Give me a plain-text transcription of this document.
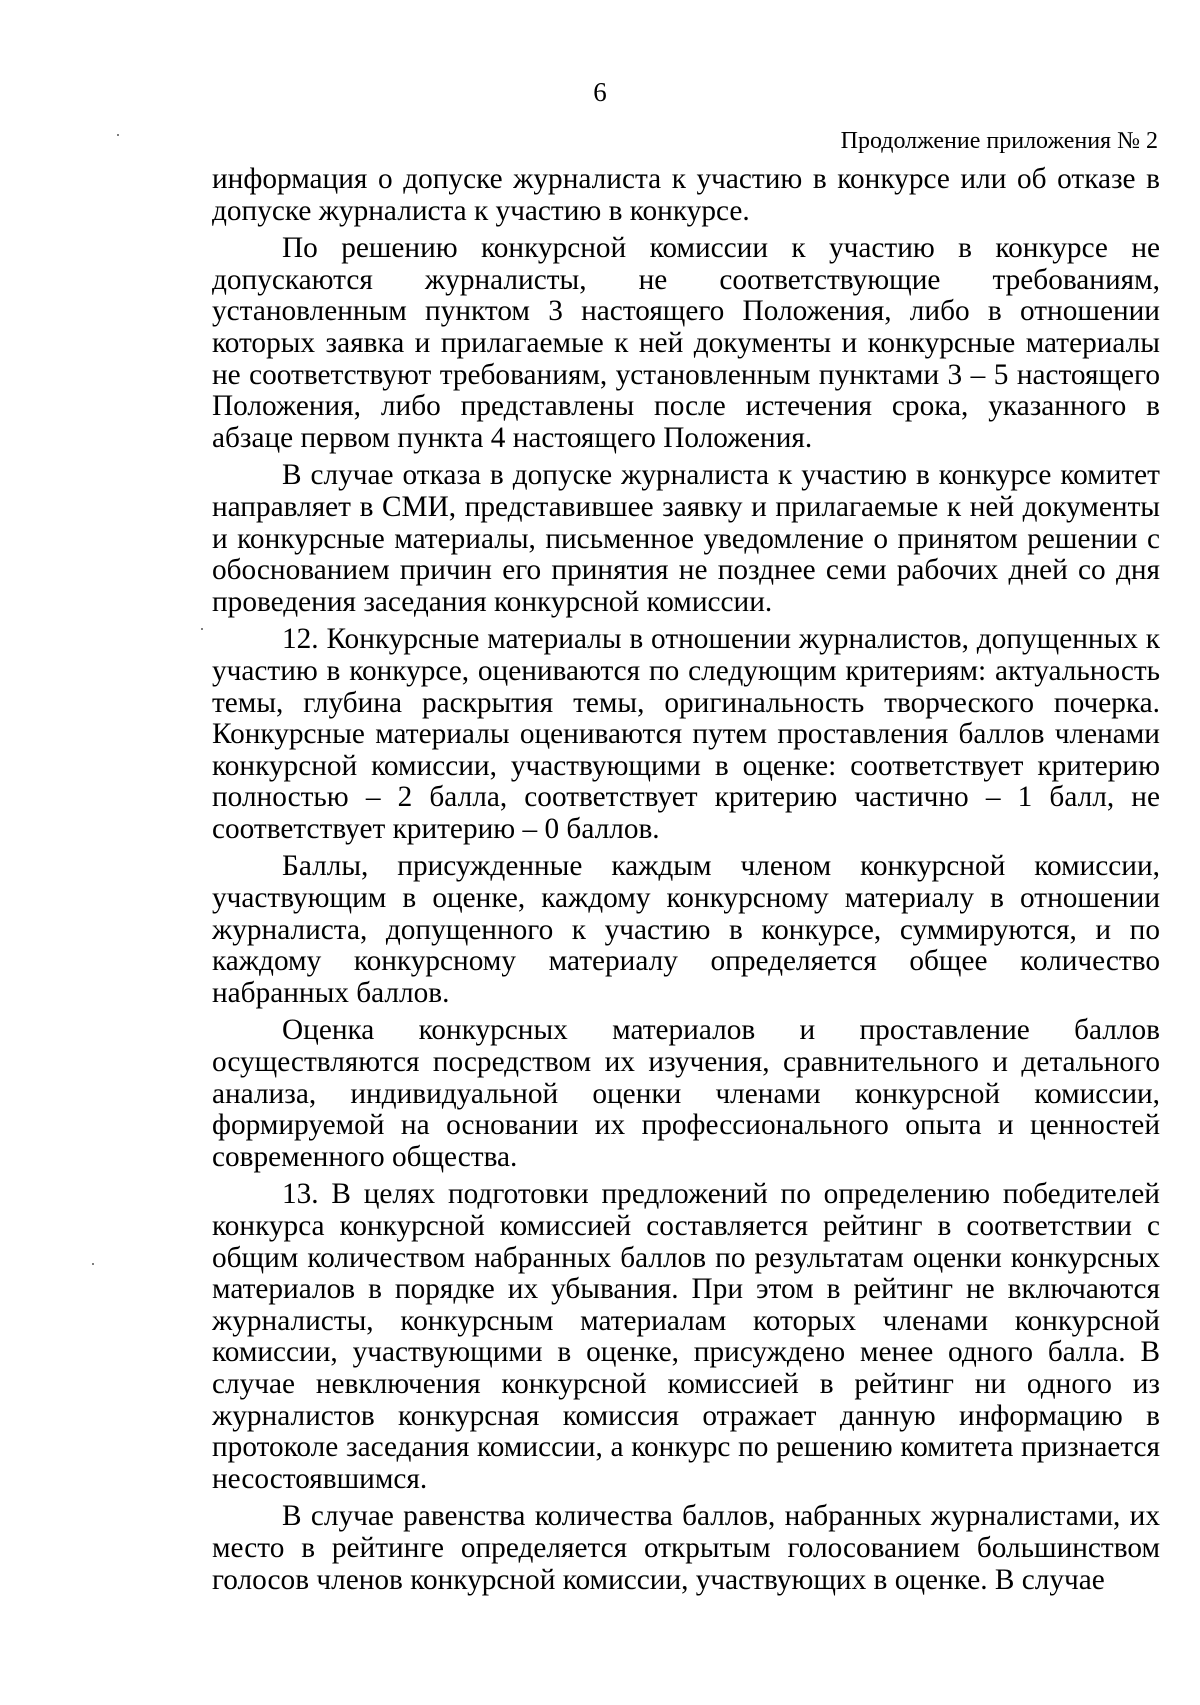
6
Продолжение приложения № 2

информация о допуске журналиста к участию в конкурсе или об отказе в допуске журналиста к участию в конкурсе.

По решению конкурсной комиссии к участию в конкурсе не допускаются журналисты, не соответствующие требованиям, установленным пунктом 3 настоящего Положения, либо в отношении которых заявка и прилагаемые к ней документы и конкурсные материалы не соответствуют требованиям, установленным пунктами 3 – 5 настоящего Положения, либо представлены после истечения срока, указанного в абзаце первом пункта 4 настоящего Положения.

В случае отказа в допуске журналиста к участию в конкурсе комитет направляет в СМИ, представившее заявку и прилагаемые к ней документы и конкурсные материалы, письменное уведомление о принятом решении с обоснованием причин его принятия не позднее семи рабочих дней со дня проведения заседания конкурсной комиссии.

12. Конкурсные материалы в отношении журналистов, допущенных к участию в конкурсе, оцениваются по следующим критериям: актуальность темы, глубина раскрытия темы, оригинальность творческого почерка. Конкурсные материалы оцениваются путем проставления баллов членами конкурсной комиссии, участвующими в оценке: соответствует критерию полностью – 2 балла, соответствует критерию частично – 1 балл, не соответствует критерию – 0 баллов.

Баллы, присужденные каждым членом конкурсной комиссии, участвующим в оценке, каждому конкурсному материалу в отношении журналиста, допущенного к участию в конкурсе, суммируются, и по каждому конкурсному материалу определяется общее количество набранных баллов.

Оценка конкурсных материалов и проставление баллов осуществляются посредством их изучения, сравнительного и детального анализа, индивидуальной оценки членами конкурсной комиссии, формируемой на основании их профессионального опыта и ценностей современного общества.

13. В целях подготовки предложений по определению победителей конкурса конкурсной комиссией составляется рейтинг в соответствии с общим количеством набранных баллов по результатам оценки конкурсных материалов в порядке их убывания. При этом в рейтинг не включаются журналисты, конкурсным материалам которых членами конкурсной комиссии, участвующими в оценке, присуждено менее одного балла. В случае невключения конкурсной комиссией в рейтинг ни одного из журналистов конкурсная комиссия отражает данную информацию в протоколе заседания комиссии, а конкурс по решению комитета признается несостоявшимся.

В случае равенства количества баллов, набранных журналистами, их место в рейтинге определяется открытым голосованием большинством голосов членов конкурсной комиссии, участвующих в оценке. В случае
